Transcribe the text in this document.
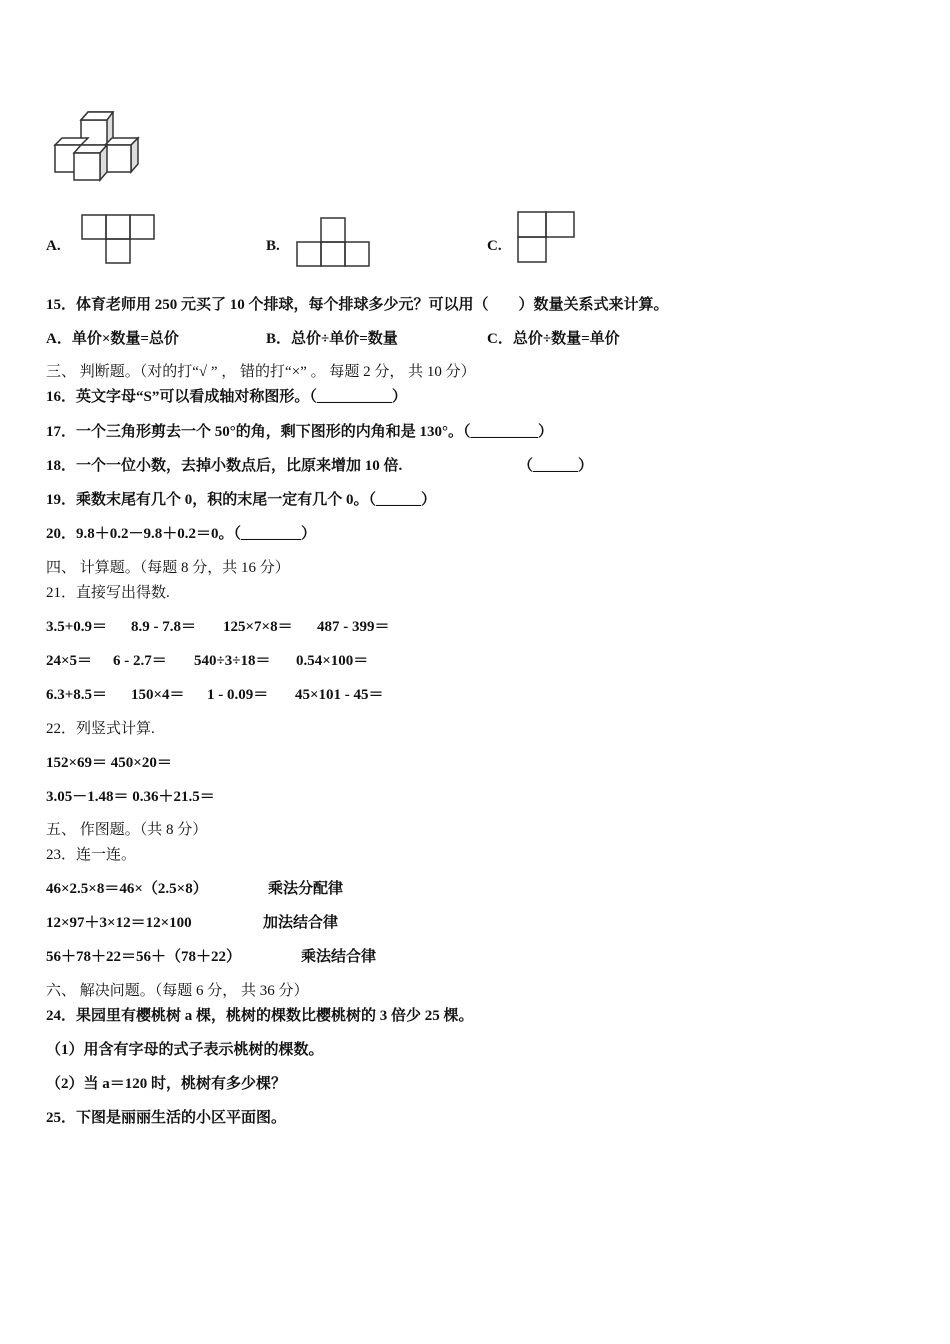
A.	B.	C.
15．体育老师用 250 元买了 10 个排球，每个排球多少元？可以用（　　）数量关系式来计算。
A．单价×数量=总价	B．总价÷单价=数量	C．总价÷数量=单价
三、 判断题。（对的打“√ ” ， 错的打“×” 。 每题 2 分， 共 10 分）
16．英文字母“S”可以看成轴对称图形。（__________）
17．一个三角形剪去一个 50°的角，剩下图形的内角和是 130°。（_________）
18．一个一位小数，去掉小数点后，比原来增加 10 倍.	（______）
19．乘数末尾有几个 0，积的末尾一定有几个 0。（______）
20．9.8＋0.2－9.8＋0.2＝0。（________）
四、 计算题。（每题 8 分，共 16 分）
21．直接写出得数.
3.5+0.9＝ 8.9 - 7.8＝ 125×7×8＝ 487 - 399＝
24×5＝ 6 - 2.7＝ 540÷3÷18＝ 0.54×100＝
6.3+8.5＝ 150×4＝ 1 - 0.09＝ 45×101 - 45＝
22．列竖式计算.
152×69＝ 450×20＝
3.05－1.48＝ 0.36＋21.5＝
五、 作图题。（共 8 分）
23．连一连。
46×2.5×8＝46×（2.5×8）	乘法分配律
12×97＋3×12＝12×100	加法结合律
56＋78＋22＝56＋（78＋22）	乘法结合律
六、 解决问题。（每题 6 分， 共 36 分）
24．果园里有樱桃树 a 棵，桃树的棵数比樱桃树的 3 倍少 25 棵。
（1）用含有字母的式子表示桃树的棵数。
（2）当 a＝120 时，桃树有多少棵？
25．下图是丽丽生活的小区平面图。
